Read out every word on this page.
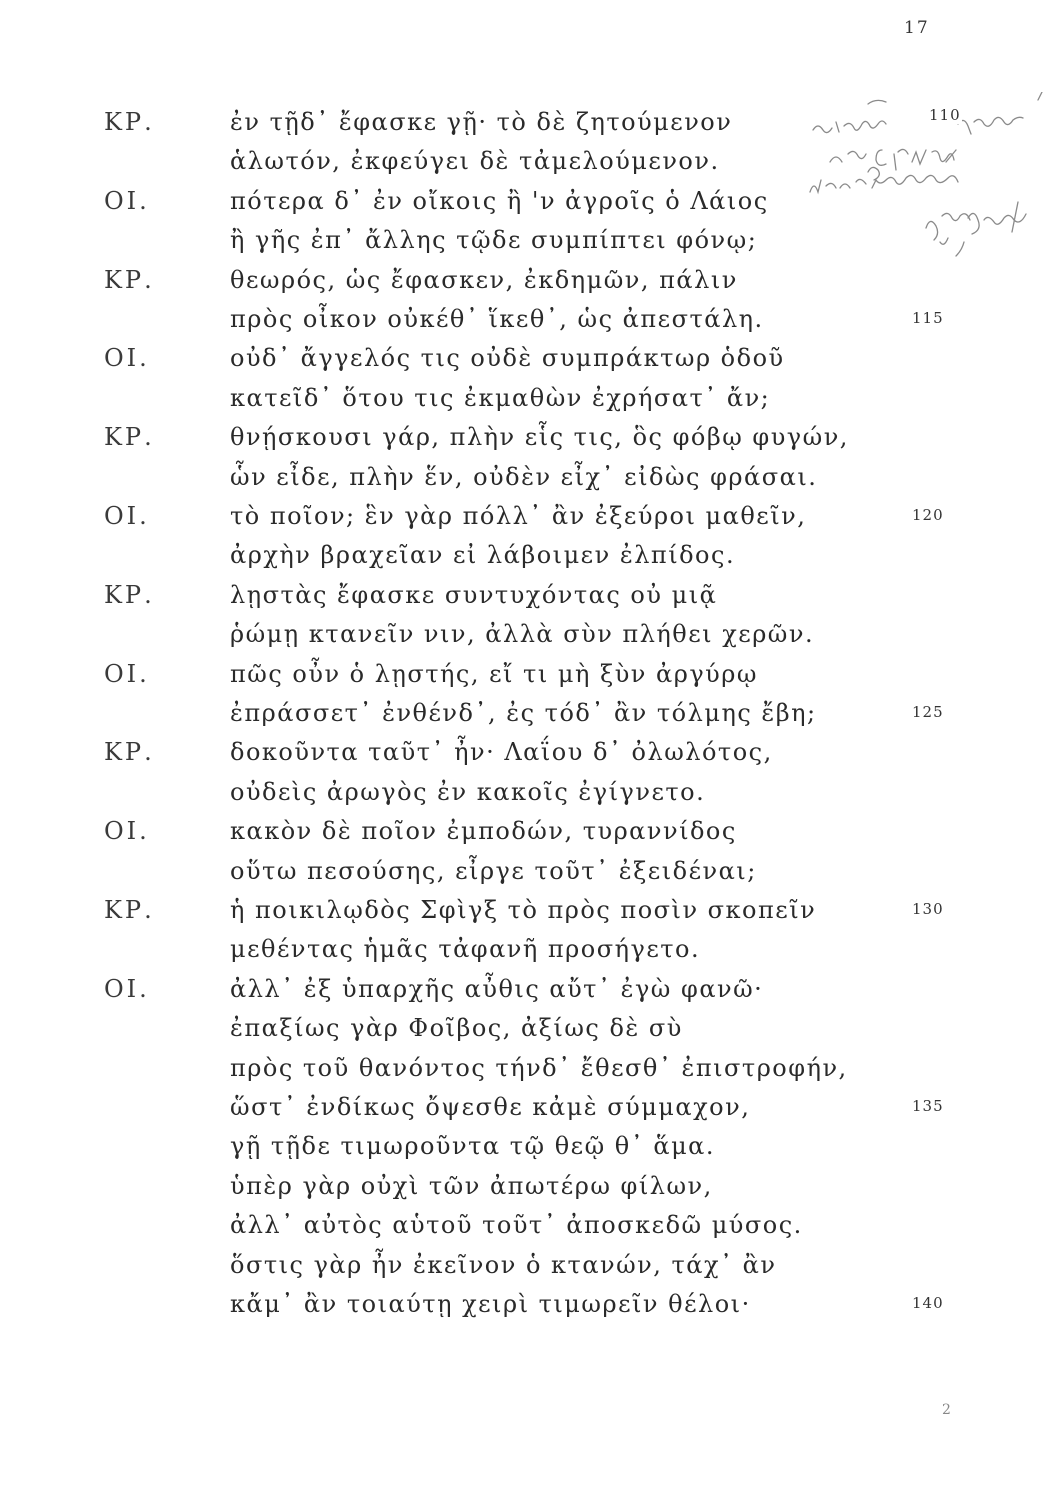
17
ΚΡ.	ἐν τῇδ᾽ ἔφασκε γῇ· τὸ δὲ ζητούμενον
ἁλωτόν, ἐκφεύγει δὲ τἀμελούμενον.
ΟΙ.	πότερα δ᾽ ἐν οἴκοις ἢ 'ν ἀγροῖς ὁ Λάιος
ἢ γῆς ἐπ᾽ ἄλλης τῷδε συμπίπτει φόνῳ;
ΚΡ.	θεωρός, ὡς ἔφασκεν, ἐκδημῶν, πάλιν
πρὸς οἶκον οὐκέθ᾽ ἵκεθ᾽, ὡς ἀπεστάλη.	115
ΟΙ.	οὐδ᾽ ἄγγελός τις οὐδὲ συμπράκτωρ ὁδοῦ
κατεῖδ᾽ ὅτου τις ἐκμαθὼν ἐχρήσατ᾽ ἄν;
ΚΡ.	θνῄσκουσι γάρ, πλὴν εἷς τις, ὃς φόβῳ φυγών,
ὧν εἶδε, πλὴν ἕν, οὐδὲν εἶχ᾽ εἰδὼς φράσαι.
ΟΙ.	τὸ ποῖον; ἓν γὰρ πόλλ᾽ ἂν ἐξεύροι μαθεῖν,	120
ἀρχὴν βραχεῖαν εἰ λάβοιμεν ἐλπίδος.
ΚΡ.	λῃστὰς ἔφασκε συντυχόντας οὐ μιᾷ
ῥώμῃ κτανεῖν νιν, ἀλλὰ σὺν πλήθει χερῶν.
ΟΙ.	πῶς οὖν ὁ λῃστής, εἴ τι μὴ ξὺν ἀργύρῳ
ἐπράσσετ᾽ ἐνθένδ᾽, ἐς τόδ᾽ ἂν τόλμης ἔβη;	125
ΚΡ.	δοκοῦντα ταῦτ᾽ ἦν· Λαΐου δ᾽ ὀλωλότος,
οὐδεὶς ἀρωγὸς ἐν κακοῖς ἐγίγνετο.
ΟΙ.	κακὸν δὲ ποῖον ἐμποδών, τυραννίδος
οὕτω πεσούσης, εἶργε τοῦτ᾽ ἐξειδέναι;
ΚΡ.	ἡ ποικιλῳδὸς Σφὶγξ τὸ πρὸς ποσὶν σκοπεῖν	130
μεθέντας ἡμᾶς τἀφανῆ προσήγετο.
ΟΙ.	ἀλλ᾽ ἐξ ὑπαρχῆς αὖθις αὔτ᾽ ἐγὼ φανῶ·
ἐπαξίως γὰρ Φοῖβος, ἀξίως δὲ σὺ
πρὸς τοῦ θανόντος τήνδ᾽ ἔθεσθ᾽ ἐπιστροφήν,
ὥστ᾽ ἐνδίκως ὄψεσθε κἀμὲ σύμμαχον,	135
γῇ τῇδε τιμωροῦντα τῷ θεῷ θ᾽ ἅμα.
ὑπὲρ γὰρ οὐχὶ τῶν ἀπωτέρω φίλων,
ἀλλ᾽ αὐτὸς αὑτοῦ τοῦτ᾽ ἀποσκεδῶ μύσος.
ὅστις γὰρ ἦν ἐκεῖνον ὁ κτανών, τάχ᾽ ἂν
κἄμ᾽ ἂν τοιαύτῃ χειρὶ τιμωρεῖν θέλοι·	140
110
2
